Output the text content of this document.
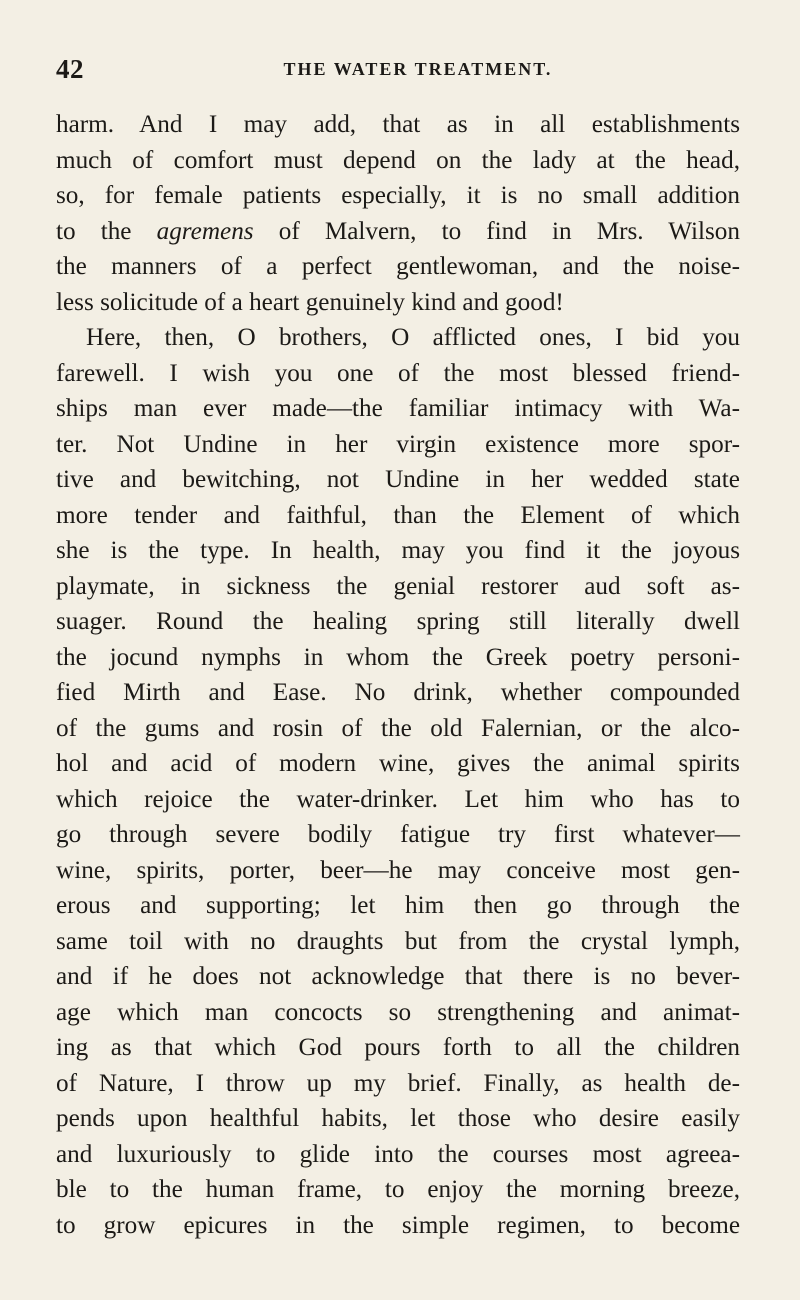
42	THE WATER TREATMENT.
harm. And I may add, that as in all establishments
much of comfort must depend on the lady at the head,
so, for female patients especially, it is no small addition
to the agremens of Malvern, to find in Mrs. Wilson
the manners of a perfect gentlewoman, and the noise-
less solicitude of a heart genuinely kind and good!
Here, then, O brothers, O afflicted ones, I bid you
farewell. I wish you one of the most blessed friend-
ships man ever made—the familiar intimacy with Wa-
ter. Not Undine in her virgin existence more spor-
tive and bewitching, not Undine in her wedded state
more tender and faithful, than the Element of which
she is the type. In health, may you find it the joyous
playmate, in sickness the genial restorer aud soft as-
suager. Round the healing spring still literally dwell
the jocund nymphs in whom the Greek poetry personi-
fied Mirth and Ease. No drink, whether compounded
of the gums and rosin of the old Falernian, or the alco-
hol and acid of modern wine, gives the animal spirits
which rejoice the water-drinker. Let him who has to
go through severe bodily fatigue try first whatever—
wine, spirits, porter, beer—he may conceive most gen-
erous and supporting; let him then go through the
same toil with no draughts but from the crystal lymph,
and if he does not acknowledge that there is no bever-
age which man concocts so strengthening and animat-
ing as that which God pours forth to all the children
of Nature, I throw up my brief. Finally, as health de-
pends upon healthful habits, let those who desire easily
and luxuriously to glide into the courses most agreea-
ble to the human frame, to enjoy the morning breeze,
to grow epicures in the simple regimen, to become
